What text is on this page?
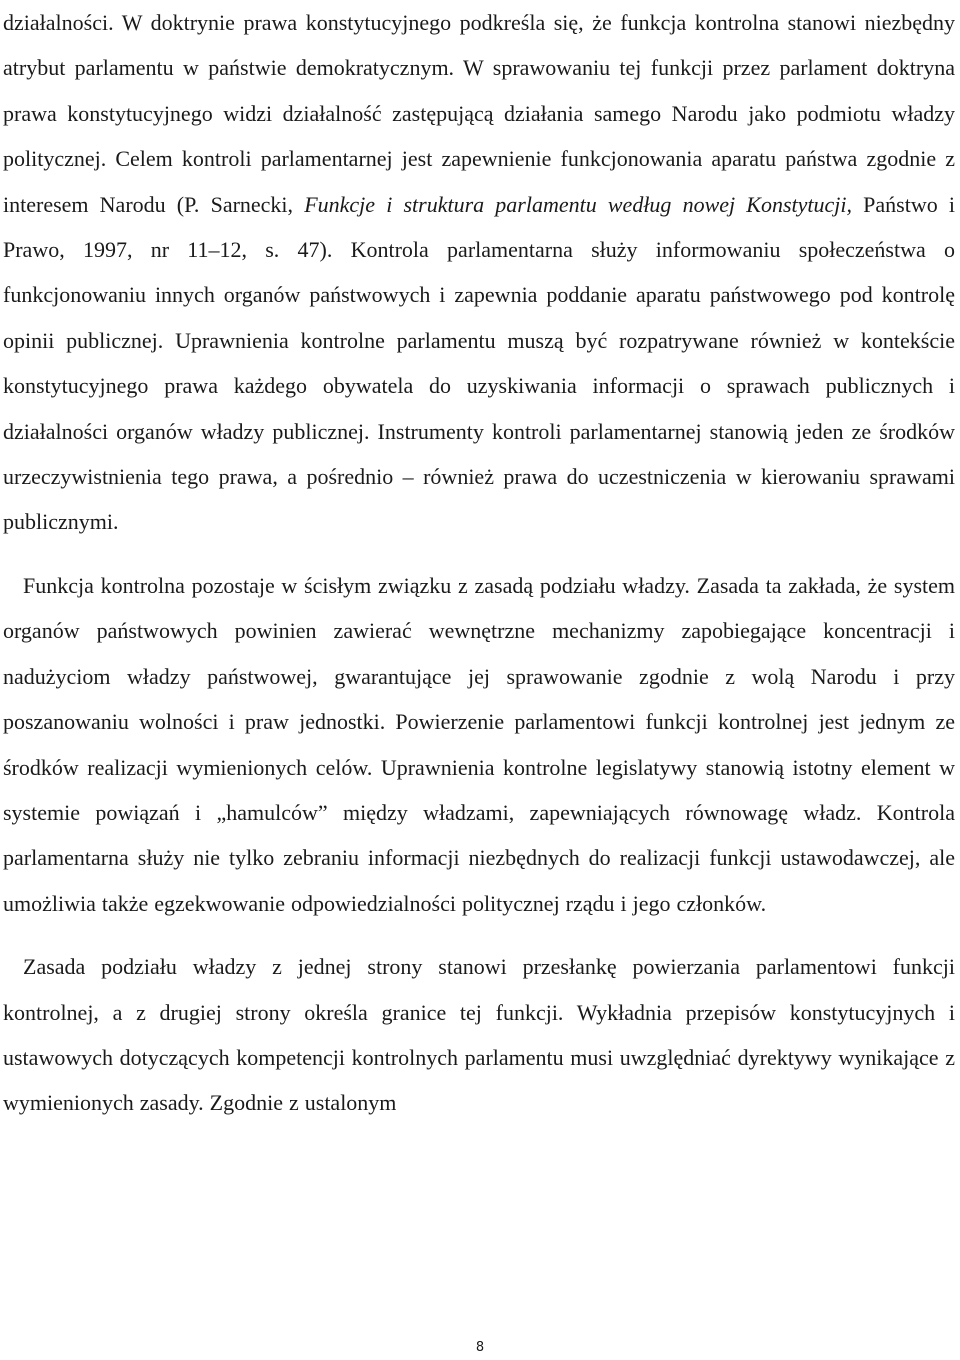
działalności. W doktrynie prawa konstytucyjnego podkreśla się, że funkcja kontrolna stanowi niezbędny atrybut parlamentu w państwie demokratycznym. W sprawowaniu tej funkcji przez parlament doktryna prawa konstytucyjnego widzi działalność zastępującą działania samego Narodu jako podmiotu władzy politycznej. Celem kontroli parlamentarnej jest zapewnienie funkcjonowania aparatu państwa zgodnie z interesem Narodu (P. Sarnecki, Funkcje i struktura parlamentu według nowej Konstytucji, Państwo i Prawo, 1997, nr 11–12, s. 47). Kontrola parlamentarna służy informowaniu społeczeństwa o funkcjonowaniu innych organów państwowych i zapewnia poddanie aparatu państwowego pod kontrolę opinii publicznej. Uprawnienia kontrolne parlamentu muszą być rozpatrywane również w kontekście konstytucyjnego prawa każdego obywatela do uzyskiwania informacji o sprawach publicznych i działalności organów władzy publicznej. Instrumenty kontroli parlamentarnej stanowią jeden ze środków urzeczywistnienia tego prawa, a pośrednio – również prawa do uczestniczenia w kierowaniu sprawami publicznymi.

Funkcja kontrolna pozostaje w ścisłym związku z zasadą podziału władzy. Zasada ta zakłada, że system organów państwowych powinien zawierać wewnętrzne mechanizmy zapobiegające koncentracji i nadużyciom władzy państwowej, gwarantujące jej sprawowanie zgodnie z wolą Narodu i przy poszanowaniu wolności i praw jednostki. Powierzenie parlamentowi funkcji kontrolnej jest jednym ze środków realizacji wymienionych celów. Uprawnienia kontrolne legislatywy stanowią istotny element w systemie powiązań i „hamulców” między władzami, zapewniających równowagę władz. Kontrola parlamentarna służy nie tylko zebraniu informacji niezbędnych do realizacji funkcji ustawodawczej, ale umożliwia także egzekwowanie odpowiedzialności politycznej rządu i jego członków.

Zasada podziału władzy z jednej strony stanowi przesłankę powierzania parlamentowi funkcji kontrolnej, a z drugiej strony określa granice tej funkcji. Wykładnia przepisów konstytucyjnych i ustawowych dotyczących kompetencji kontrolnych parlamentu musi uwzględniać dyrektywy wynikające z wymienionych zasady. Zgodnie z ustalonym

8
